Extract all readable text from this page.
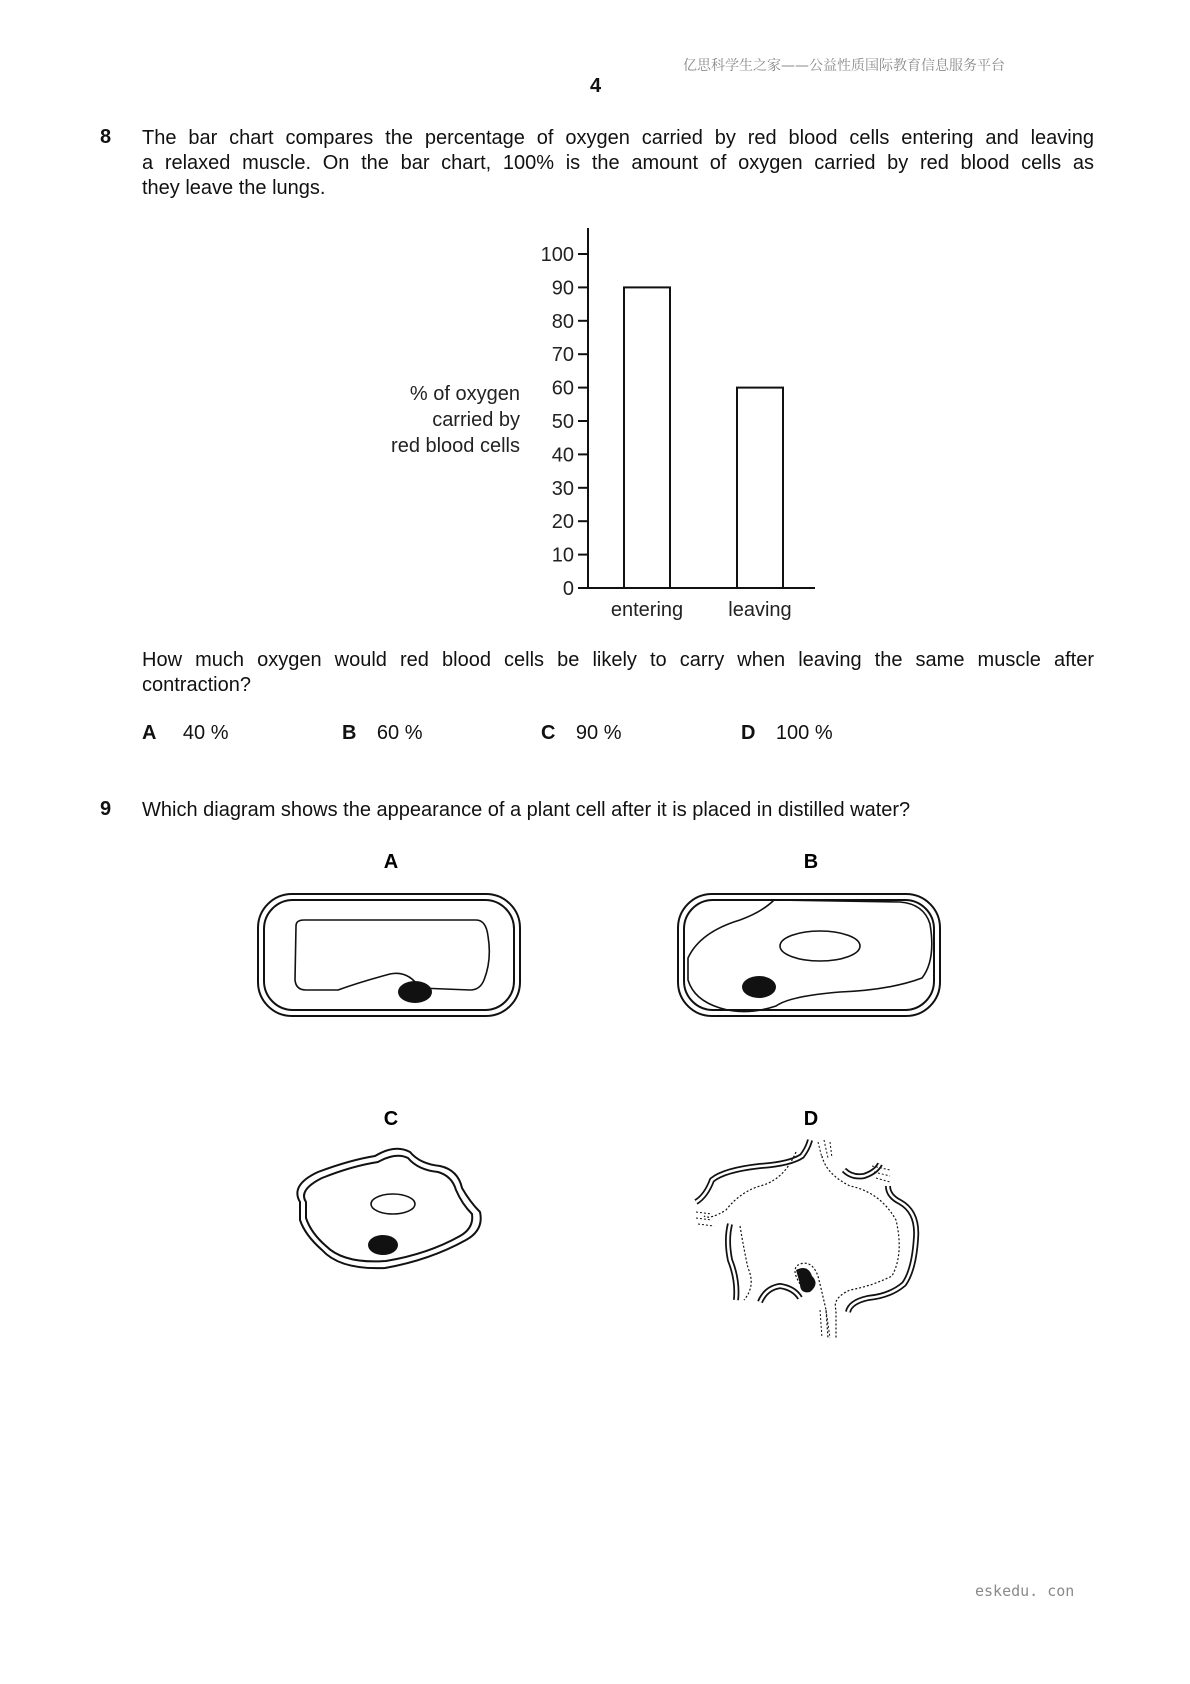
亿思科学生之家——公益性质国际教育信息服务平台
4
8 The bar chart compares the percentage of oxygen carried by red blood cells entering and leaving
a relaxed muscle. On the bar chart, 100% is the amount of oxygen carried by red blood cells as
they leave the lungs.
% of oxygen
carried by
red blood cells
0
10
20
30
40
50
60
70
80
90
100
entering leaving
How much oxygen would red blood cells be likely to carry when leaving the same muscle after
contraction?
A 40 %	B 60 %	C 90 %	D 100 %
9 Which diagram shows the appearance of a plant cell after it is placed in distilled water?
A	B
C	D
eskedu. con
